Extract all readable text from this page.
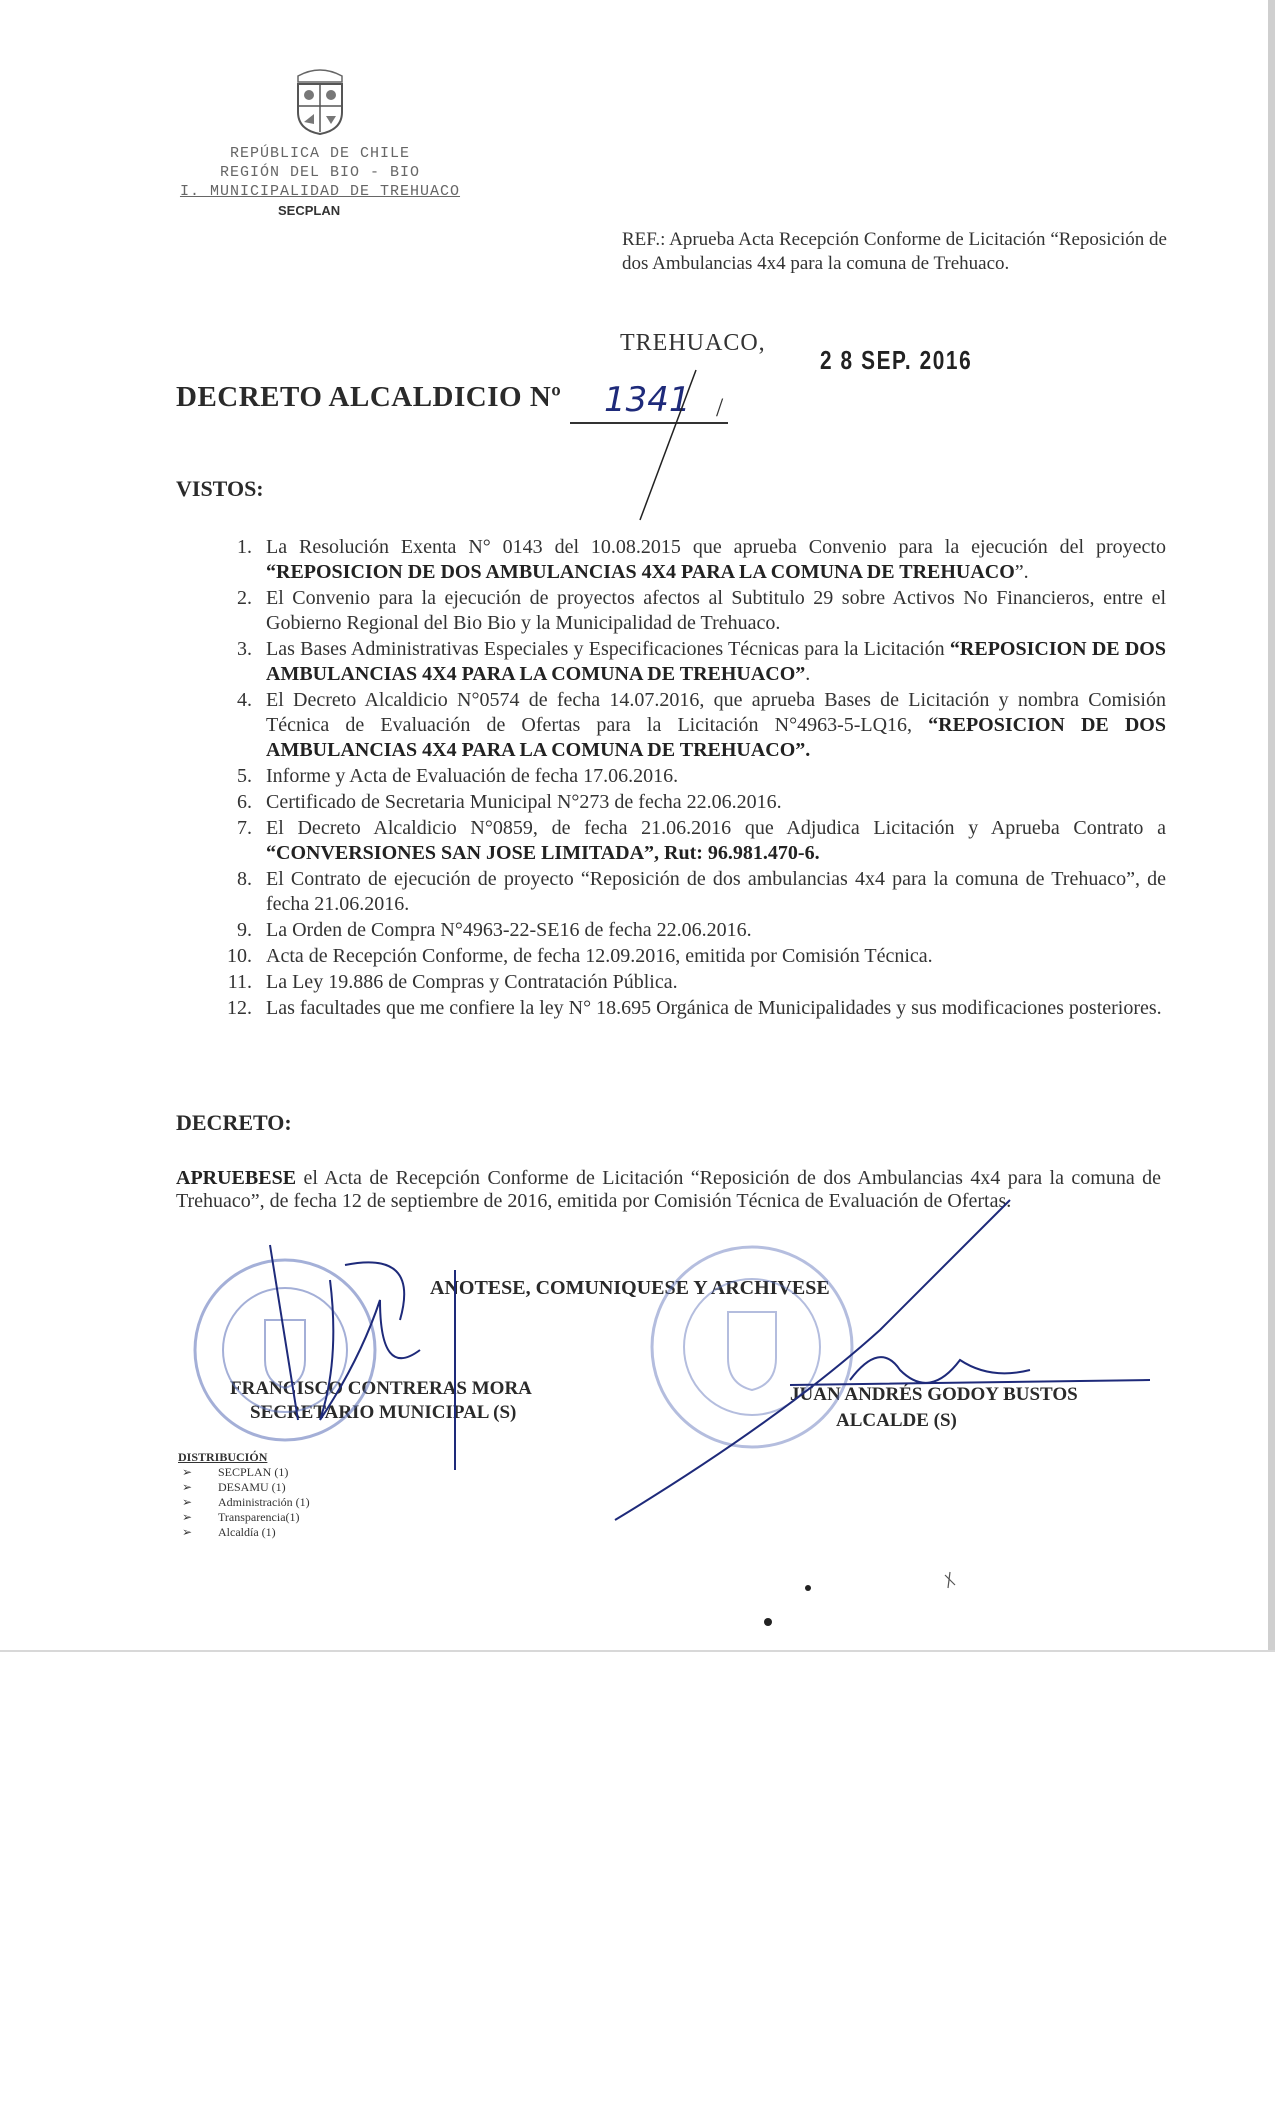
REPÚBLICA DE CHILE
REGIÓN DEL BIO - BIO
I. MUNICIPALIDAD DE TREHUACO
SECPLAN
REF.: Aprueba Acta Recepción Conforme de Licitación “Reposición de dos Ambulancias 4x4 para la comuna de Trehuaco.
TREHUACO,
2 8 SEP. 2016
DECRETO ALCALDICIO Nº 1341 /
VISTOS:
1. La Resolución Exenta N° 0143 del 10.08.2015 que aprueba Convenio para la ejecución del proyecto “REPOSICION DE DOS AMBULANCIAS 4X4 PARA LA COMUNA DE TREHUACO”.
2. El Convenio para la ejecución de proyectos afectos al Subtitulo 29 sobre Activos No Financieros, entre el Gobierno Regional del Bio Bio y la Municipalidad de Trehuaco.
3. Las Bases Administrativas Especiales y Especificaciones Técnicas para la Licitación “REPOSICION DE DOS AMBULANCIAS 4X4 PARA LA COMUNA DE TREHUACO”.
4. El Decreto Alcaldicio N°0574 de fecha 14.07.2016, que aprueba Bases de Licitación y nombra Comisión Técnica de Evaluación de Ofertas para la Licitación N°4963-5-LQ16, “REPOSICION DE DOS AMBULANCIAS 4X4 PARA LA COMUNA DE TREHUACO”.
5. Informe y Acta de Evaluación de fecha 17.06.2016.
6. Certificado de Secretaria Municipal N°273 de fecha 22.06.2016.
7. El Decreto Alcaldicio N°0859, de fecha 21.06.2016 que Adjudica Licitación y Aprueba Contrato a “CONVERSIONES SAN JOSE LIMITADA”, Rut: 96.981.470-6.
8. El Contrato de ejecución de proyecto “Reposición de dos ambulancias 4x4 para la comuna de Trehuaco”, de fecha 21.06.2016.
9. La Orden de Compra N°4963-22-SE16 de fecha 22.06.2016.
10. Acta de Recepción Conforme, de fecha 12.09.2016, emitida por Comisión Técnica.
11. La Ley 19.886 de Compras y Contratación Pública.
12. Las facultades que me confiere la ley N° 18.695 Orgánica de Municipalidades y sus modificaciones posteriores.
DECRETO:
APRUEBESE el Acta de Recepción Conforme de Licitación “Reposición de dos Ambulancias 4x4 para la comuna de Trehuaco”, de fecha 12 de septiembre de 2016, emitida por Comisión Técnica de Evaluación de Ofertas.
ANOTESE, COMUNIQUESE Y ARCHIVESE
FRANCISCO CONTRERAS MORA
SECRETARIO MUNICIPAL (S)
JUAN ANDRÉS GODOY BUSTOS
ALCALDE (S)
DISTRIBUCIÓN
➢ SECPLAN (1)
➢ DESAMU (1)
➢ Administración (1)
➢ Transparencia(1)
➢ Alcaldía (1)
